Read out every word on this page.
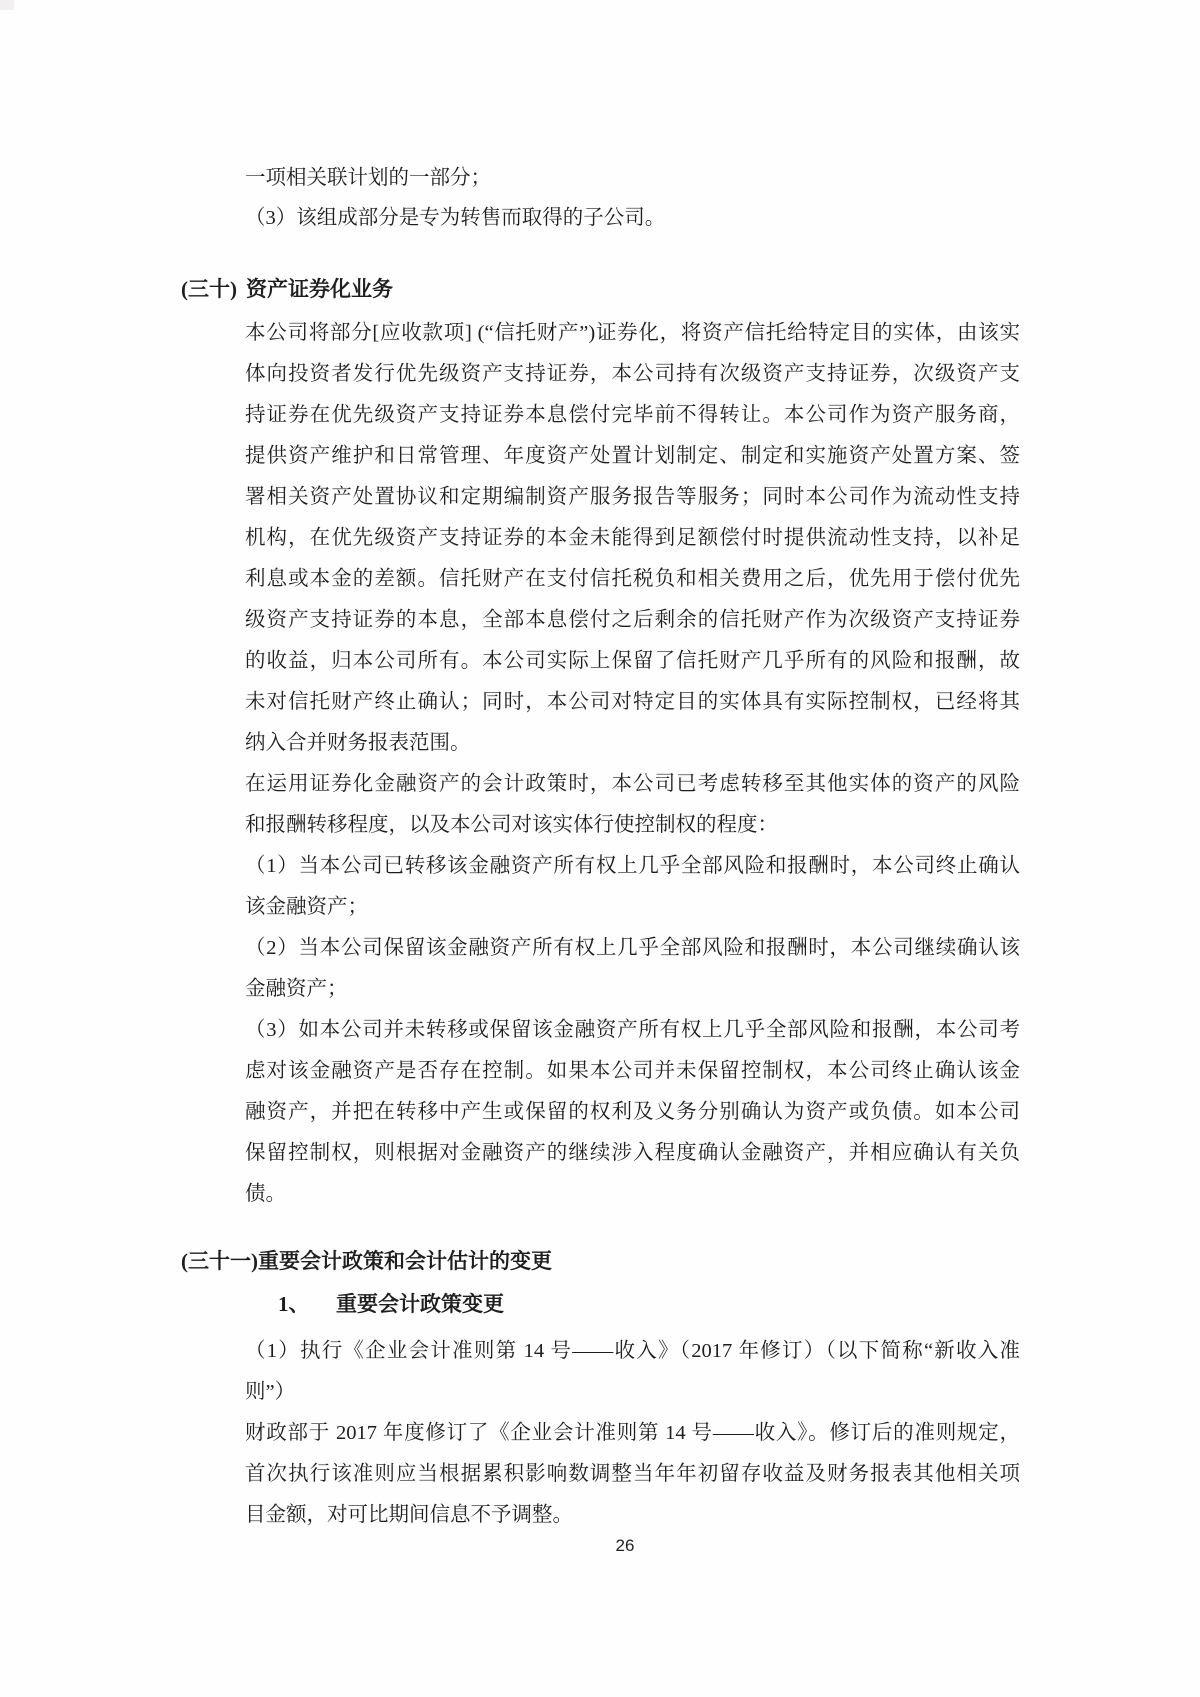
一项相关联计划的一部分；
（3）该组成部分是专为转售而取得的子公司。
(三十) 资产证券化业务
本公司将部分[应收款项] (“信托财产”)证券化，将资产信托给特定目的实体，由该实
体向投资者发行优先级资产支持证券，本公司持有次级资产支持证券，次级资产支
持证券在优先级资产支持证券本息偿付完毕前不得转让。本公司作为资产服务商，
提供资产维护和日常管理、年度资产处置计划制定、制定和实施资产处置方案、签
署相关资产处置协议和定期编制资产服务报告等服务；同时本公司作为流动性支持
机构，在优先级资产支持证券的本金未能得到足额偿付时提供流动性支持，以补足
利息或本金的差额。信托财产在支付信托税负和相关费用之后，优先用于偿付优先
级资产支持证券的本息，全部本息偿付之后剩余的信托财产作为次级资产支持证券
的收益，归本公司所有。本公司实际上保留了信托财产几乎所有的风险和报酬，故
未对信托财产终止确认；同时，本公司对特定目的实体具有实际控制权，已经将其
纳入合并财务报表范围。
在运用证券化金融资产的会计政策时，本公司已考虑转移至其他实体的资产的风险
和报酬转移程度，以及本公司对该实体行使控制权的程度：
（1）当本公司已转移该金融资产所有权上几乎全部风险和报酬时，本公司终止确认
该金融资产；
（2）当本公司保留该金融资产所有权上几乎全部风险和报酬时，本公司继续确认该
金融资产；
（3）如本公司并未转移或保留该金融资产所有权上几乎全部风险和报酬，本公司考
虑对该金融资产是否存在控制。如果本公司并未保留控制权，本公司终止确认该金
融资产，并把在转移中产生或保留的权利及义务分别确认为资产或负债。如本公司
保留控制权，则根据对金融资产的继续涉入程度确认金融资产，并相应确认有关负
债。
(三十一)重要会计政策和会计估计的变更
1、 重要会计政策变更
（1）执行《企业会计准则第 14 号——收入》（2017 年修订）（以下简称“新收入准
则”）
财政部于 2017 年度修订了《企业会计准则第 14 号——收入》。修订后的准则规定，
首次执行该准则应当根据累积影响数调整当年年初留存收益及财务报表其他相关项
目金额，对可比期间信息不予调整。
26
